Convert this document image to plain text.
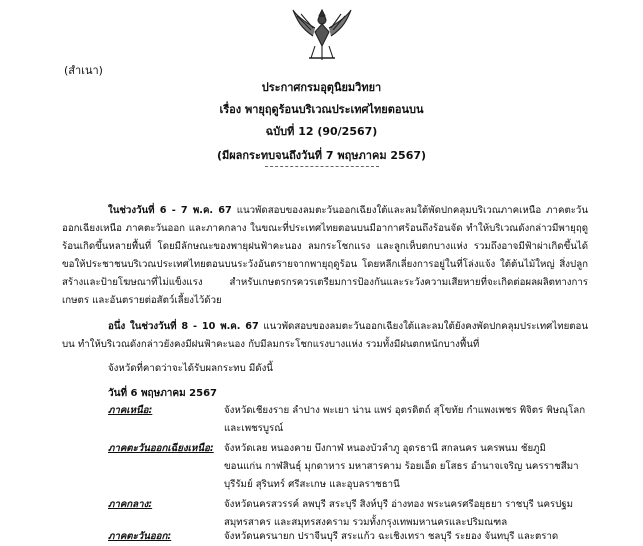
(สำเนา)
ประกาศกรมอุตุนิยมวิทยา
เรื่อง พายุฤดูร้อนบริเวณประเทศไทยตอนบน
ฉบับที่ 12 (90/2567)
(มีผลกระทบจนถึงวันที่ 7 พฤษภาคม 2567)
ในช่วงวันที่ 6 - 7 พ.ค. 67 แนวพัดสอบของลมตะวันออกเฉียงใต้และลมใต้พัดปกคลุมบริเวณภาคเหนือ ภาคตะวันออกเฉียงเหนือ ภาคตะวันออก และภาคกลาง ในขณะที่ประเทศไทยตอนบนมีอากาศร้อนถึงร้อนจัด ทำให้บริเวณดังกล่าวมีพายุฤดูร้อนเกิดขึ้นหลายพื้นที่ โดยมีลักษณะของพายุฝนฟ้าคะนอง ลมกระโชกแรง และลูกเห็บตกบางแห่ง รวมถึงอาจมีฟ้าผ่าเกิดขึ้นได้ ขอให้ประชาชนบริเวณประเทศไทยตอนบนระวังอันตรายจากพายุฤดูร้อน โดยหลีกเลี่ยงการอยู่ในที่โล่งแจ้ง ใต้ต้นไม้ใหญ่ สิ่งปลูกสร้างและป้ายโฆษณาที่ไม่แข็งแรง สำหรับเกษตรกรควรเตรียมการป้องกันและระวังความเสียหายที่จะเกิดต่อผลผลิตทางการเกษตร และอันตรายต่อสัตว์เลี้ยงไว้ด้วย
อนึ่ง ในช่วงวันที่ 8 - 10 พ.ค. 67 แนวพัดสอบของลมตะวันออกเฉียงใต้และลมใต้ยังคงพัดปกคลุมประเทศไทยตอนบน ทำให้บริเวณดังกล่าวยังคงมีฝนฟ้าคะนอง กับมีลมกระโชกแรงบางแห่ง รวมทั้งมีฝนตกหนักบางพื้นที่
จังหวัดที่คาดว่าจะได้รับผลกระทบ มีดังนี้
วันที่ 6 พฤษภาคม 2567
ภาคเหนือ:	จังหวัดเชียงราย ลำปาง พะเยา น่าน แพร่ อุตรดิตถ์ สุโขทัย กำแพงเพชร พิจิตร พิษณุโลก และเพชรบูรณ์
ภาคตะวันออกเฉียงเหนือ: จังหวัดเลย หนองคาย บึงกาฬ หนองบัวลำภู อุดรธานี สกลนคร นครพนม ชัยภูมิ ขอนแก่น กาฬสินธุ์ มุกดาหาร มหาสารคาม ร้อยเอ็ด ยโสธร อำนาจเจริญ นครราชสีมา บุรีรัมย์ สุรินทร์ ศรีสะเกษ และอุบลราชธานี
ภาคกลาง:	จังหวัดนครสวรรค์ ลพบุรี สระบุรี สิงห์บุรี อ่างทอง พระนครศรีอยุธยา ราชบุรี นครปฐม สมุทรสาคร และสมุทรสงคราม รวมทั้งกรุงเทพมหานครและปริมณฑล
ภาคตะวันออก:	จังหวัดนครนายก ปราจีนบุรี สระแก้ว ฉะเชิงเทรา ชลบุรี ระยอง จันทบุรี และตราด
